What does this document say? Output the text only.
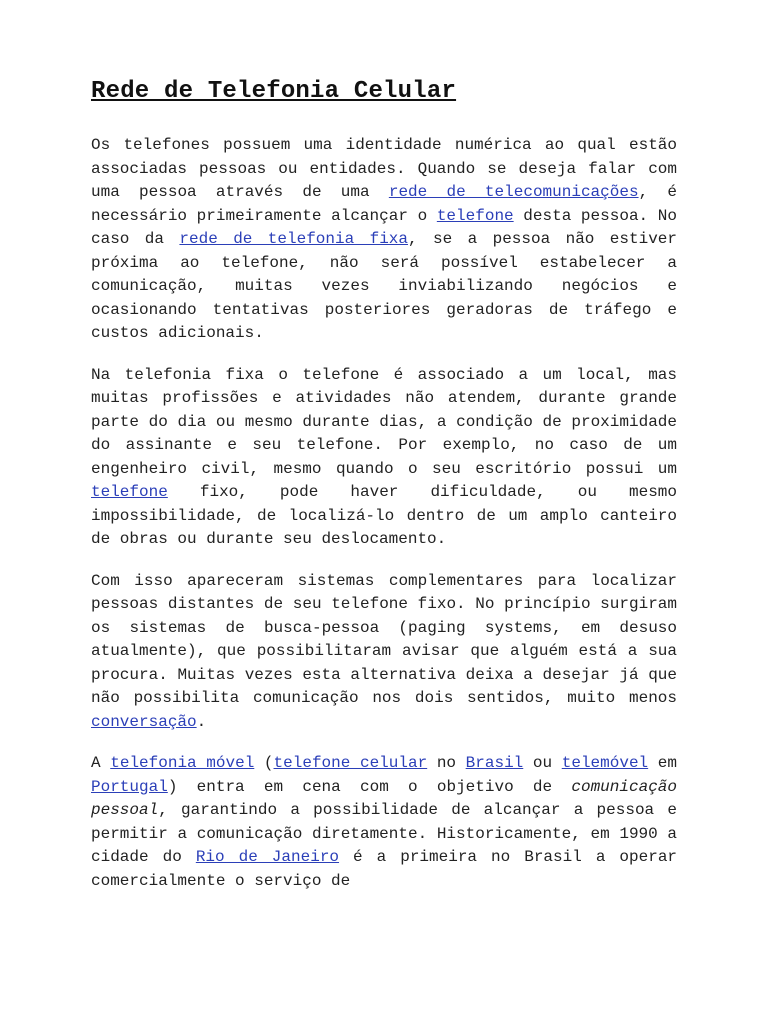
Rede de Telefonia Celular

Os telefones possuem uma identidade numérica ao qual estão associadas pessoas ou entidades. Quando se deseja falar com uma pessoa através de uma rede de telecomunicações, é necessário primeiramente alcançar o telefone desta pessoa. No caso da rede de telefonia fixa, se a pessoa não estiver próxima ao telefone, não será possível estabelecer a comunicação, muitas vezes inviabilizando negócios e ocasionando tentativas posteriores geradoras de tráfego e custos adicionais.

Na telefonia fixa o telefone é associado a um local, mas muitas profissões e atividades não atendem, durante grande parte do dia ou mesmo durante dias, a condição de proximidade do assinante e seu telefone. Por exemplo, no caso de um engenheiro civil, mesmo quando o seu escritório possui um telefone fixo, pode haver dificuldade, ou mesmo impossibilidade, de localizá-lo dentro de um amplo canteiro de obras ou durante seu deslocamento.

Com isso apareceram sistemas complementares para localizar pessoas distantes de seu telefone fixo. No princípio surgiram os sistemas de busca-pessoa (paging systems, em desuso atualmente), que possibilitaram avisar que alguém está a sua procura. Muitas vezes esta alternativa deixa a desejar já que não possibilita comunicação nos dois sentidos, muito menos conversação.

A telefonia móvel (telefone celular no Brasil ou telemóvel em Portugal) entra em cena com o objetivo de comunicação pessoal, garantindo a possibilidade de alcançar a pessoa e permitir a comunicação diretamente. Historicamente, em 1990 a cidade do Rio de Janeiro é a primeira no Brasil a operar comercialmente o serviço de
